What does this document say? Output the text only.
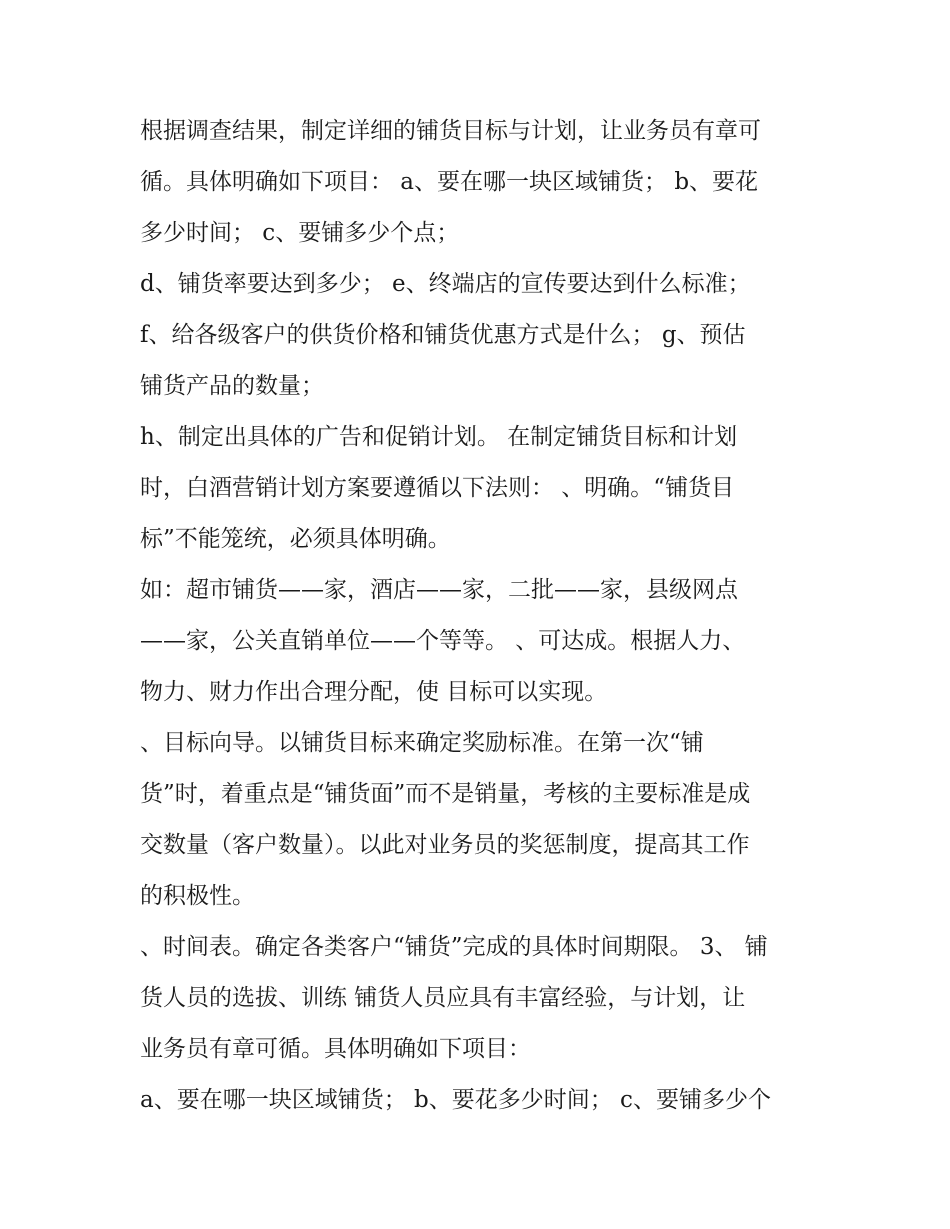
根据调查结果，制定详细的铺货目标与计划，让业务员有章可
循。具体明确如下项目： a、要在哪一块区域铺货； b、要花
多少时间； c、要铺多少个点；
d、铺货率要达到多少； e、终端店的宣传要达到什么标准；
f、给各级客户的供货价格和铺货优惠方式是什么； g、预估
铺货产品的数量；
h、制定出具体的广告和促销计划。 在制定铺货目标和计划
时，白酒营销计划方案要遵循以下法则： 、明确。“铺货目
标”不能笼统，必须具体明确。
如：超市铺货——家，酒店——家，二批——家，县级网点
——家，公关直销单位——个等等。 、可达成。根据人力、
物力、财力作出合理分配，使 目标可以实现。
、目标向导。以铺货目标来确定奖励标准。在第一次“铺
货”时，着重点是“铺货面”而不是销量，考核的主要标准是成
交数量（客户数量）。以此对业务员的奖惩制度，提高其工作
的积极性。
、时间表。确定各类客户“铺货”完成的具体时间期限。 3、 铺
货人员的选拔、训练 铺货人员应具有丰富经验，与计划，让
业务员有章可循。具体明确如下项目：
a、要在哪一块区域铺货； b、要花多少时间； c、要铺多少个
